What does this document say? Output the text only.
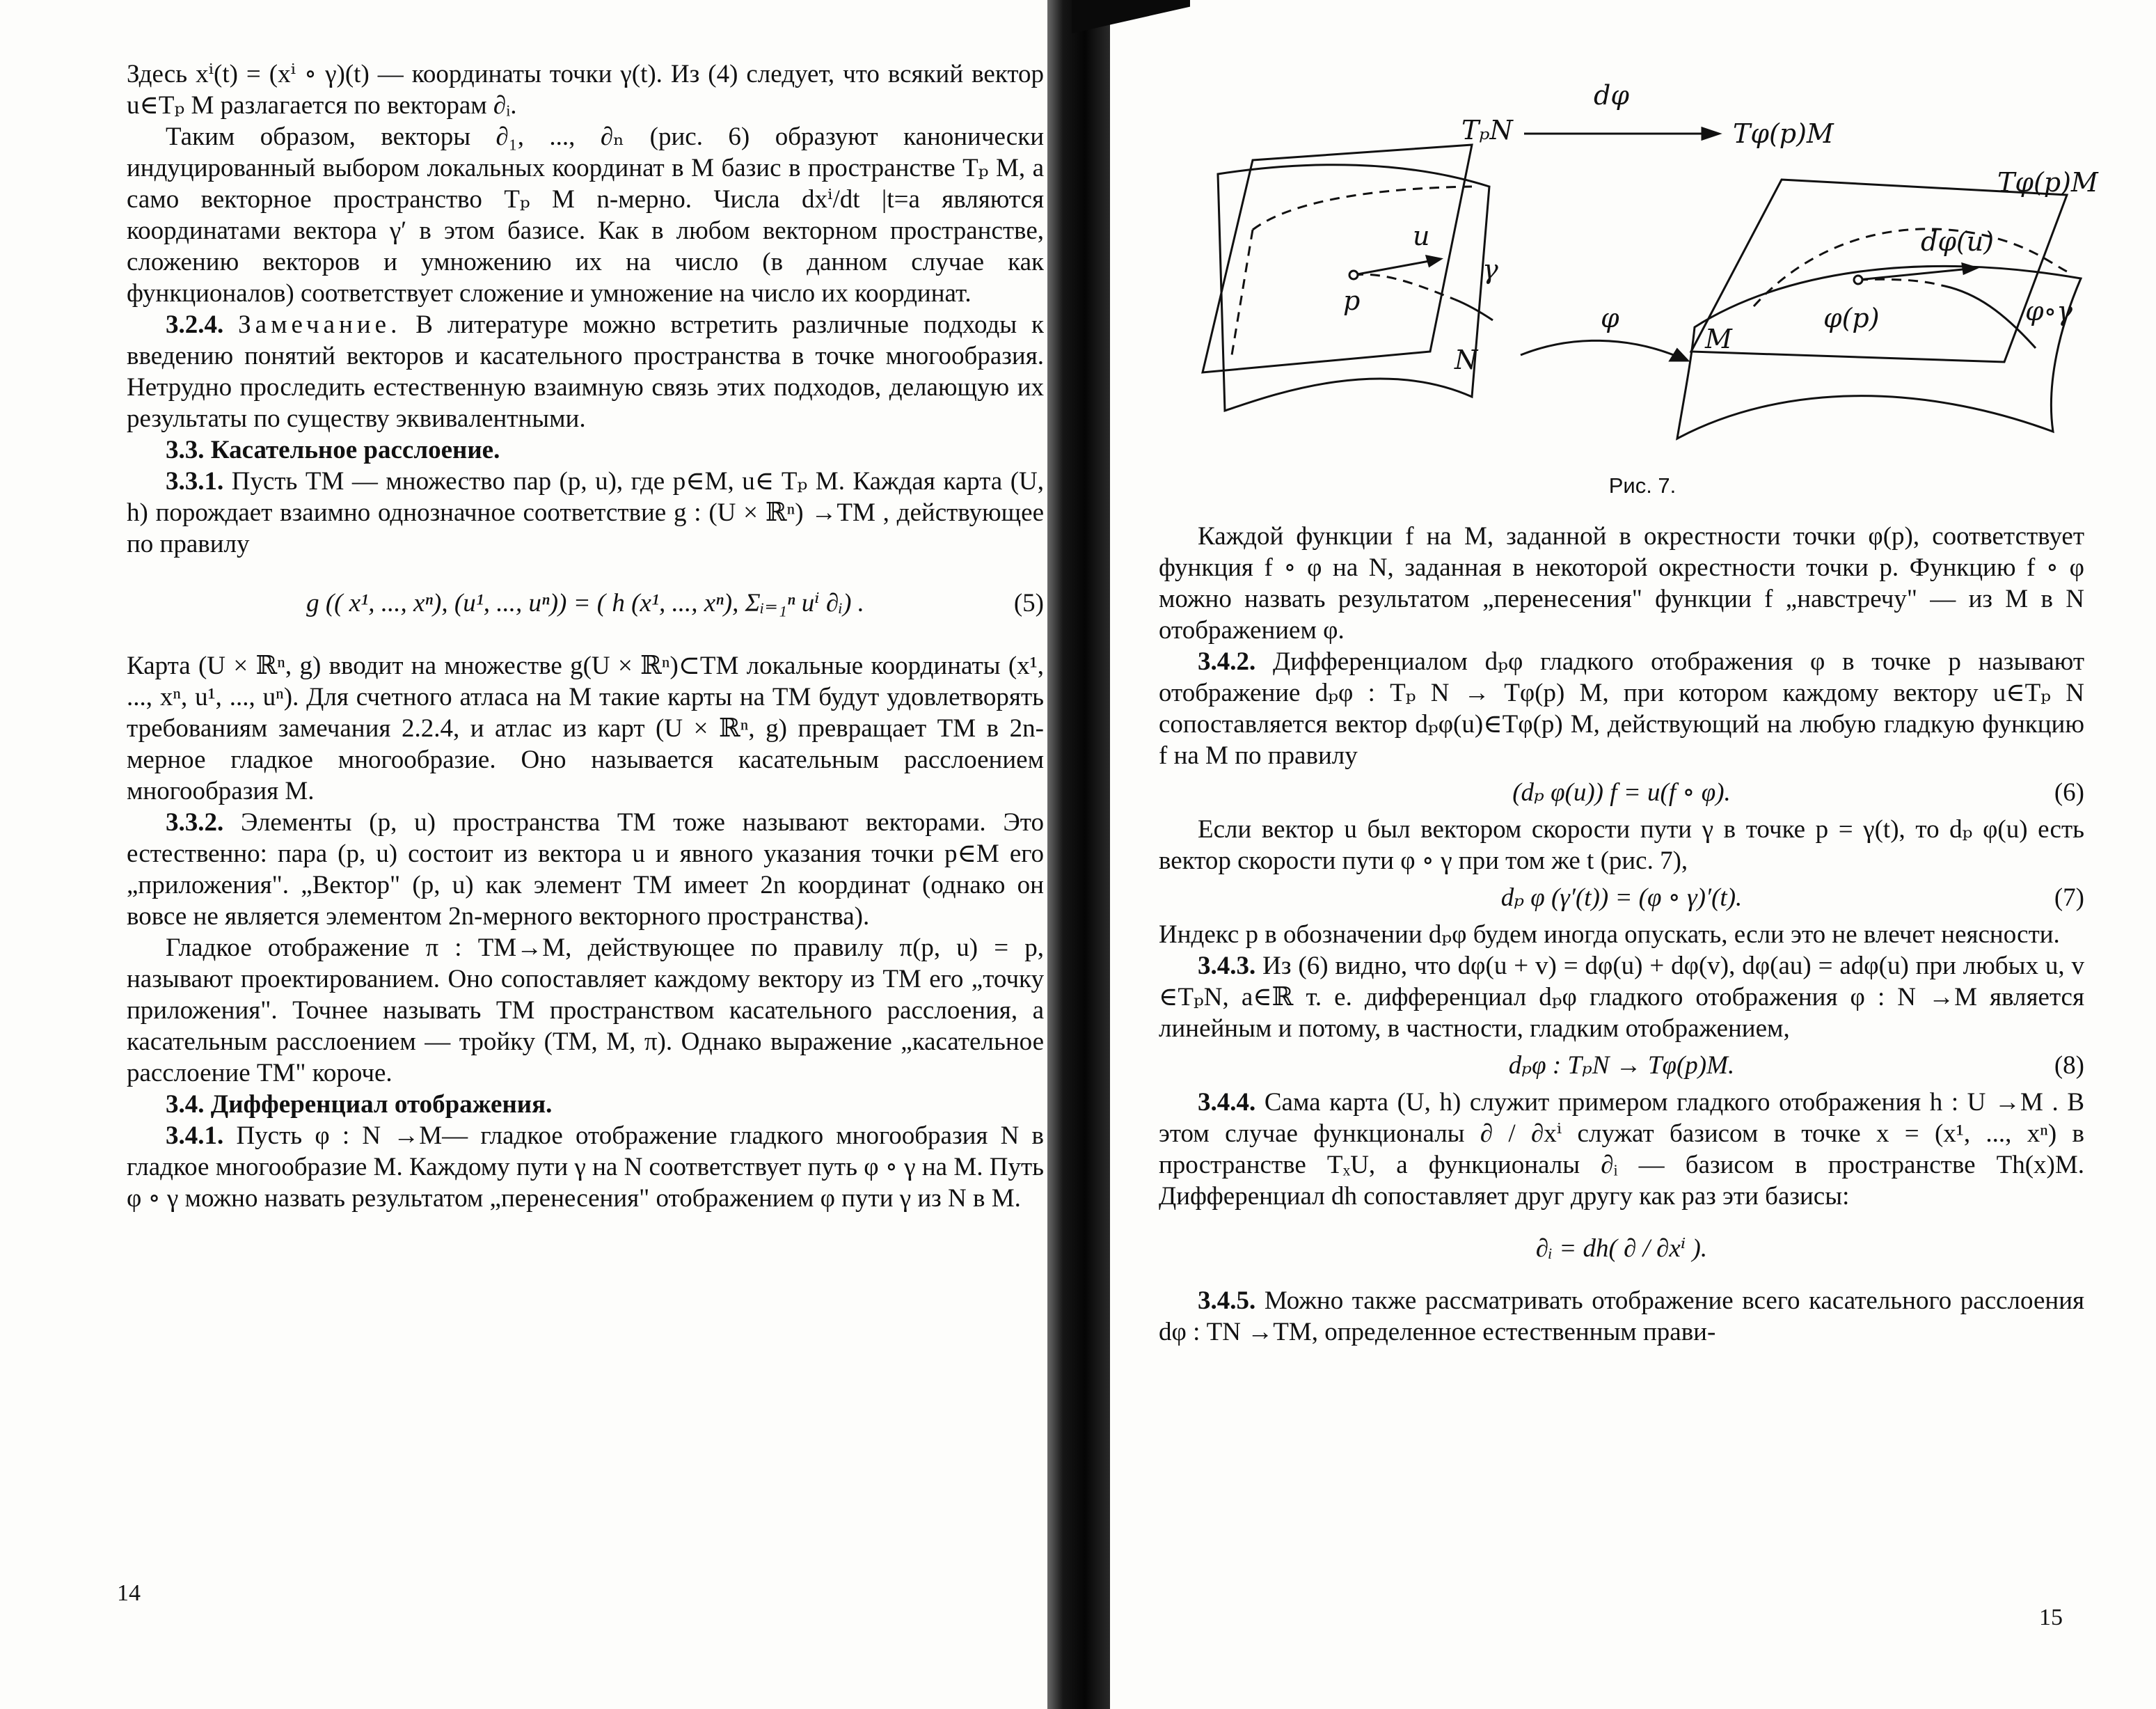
Здесь xⁱ(t) = (xⁱ ∘ γ)(t) — координаты точки γ(t). Из (4) следует, что всякий вектор u∈Tₚ M разлагается по векторам ∂ᵢ.

Таким образом, векторы ∂₁, ..., ∂ₙ (рис. 6) образуют канонически индуцированный выбором локальных координат в M базис в пространстве Tₚ M, а само векторное пространство Tₚ M n-мерно. Числа dxⁱ/dt |t=a являются координатами вектора γ′ в этом базисе. Как в любом векторном пространстве, сложению векторов и умножению их на число (в данном случае как функционалов) соответствует сложение и умножение на число их координат.

3.2.4. Замечание. В литературе можно встретить различные подходы к введению понятий векторов и касательного пространства в точке многообразия. Нетрудно проследить естественную взаимную связь этих подходов, делающую их результаты по существу эквивалентными.

3.3. Касательное расслоение.

3.3.1. Пусть TM — множество пар (p, u), где p∈M, u∈ Tₚ M. Каждая карта (U, h) порождает взаимно однозначное соответствие g : (U × ℝⁿ) →TM , действующее по правилу

g (( x¹, ..., xⁿ), (u¹, ..., uⁿ)) = ( h (x¹, ..., xⁿ), Σᵢ₌₁ⁿ uⁱ ∂ᵢ) .	(5)

Карта (U × ℝⁿ, g) вводит на множестве g(U × ℝⁿ)⊂TM локальные координаты (x¹, ..., xⁿ, u¹, ..., uⁿ). Для счетного атласа на M такие карты на TM будут удовлетворять требованиям замечания 2.2.4, и атлас из карт (U × ℝⁿ, g) превращает TM в 2n-мерное гладкое многообразие. Оно называется касательным расслоением многообразия M.

3.3.2. Элементы (p, u) пространства TM тоже называют векторами. Это естественно: пара (p, u) состоит из вектора u и явного указания точки p∈M его „приложения". „Вектор" (p, u) как элемент TM имеет 2n координат (однако он вовсе не является элементом 2n-мерного векторного пространства).

Гладкое отображение π : TM→M, действующее по правилу π(p, u) = p, называют проектированием. Оно сопоставляет каждому вектору из TM его „точку приложения". Точнее называть TM пространством касательного расслоения, а касательным расслоением — тройку (TM, M, π). Однако выражение „касательное расслоение TM" короче.

3.4. Дифференциал отображения.

3.4.1. Пусть φ : N →M— гладкое отображение гладкого многообразия N в гладкое многообразие M. Каждому пути γ на N соответствует путь φ ∘ γ на M. Путь φ ∘ γ можно назвать результатом „перенесения" отображением φ пути γ из N в M.

14
dφ
TₚN	Tφ(p)M
Tφ(p)M
u
p
γ
N
φ
dφ(u)
φ(p)	φ∘γ
M
Рис. 7.

Каждой функции f на M, заданной в окрестности точки φ(p), соответствует функция f ∘ φ на N, заданная в некоторой окрестности точки p. Функцию f ∘ φ можно назвать результатом „перенесения" функции f „навстречу" — из M в N отображением φ.

3.4.2. Дифференциалом dₚφ гладкого отображения φ в точке p называют отображение dₚφ : Tₚ N → Tφ(p) M, при котором каждому вектору u∈Tₚ N сопоставляется вектор dₚφ(u)∈Tφ(p) M, действующий на любую гладкую функцию f на M по правилу

(dₚ φ(u)) f = u(f ∘ φ).	(6)

Если вектор u был вектором скорости пути γ в точке p = γ(t), то dₚ φ(u) есть вектор скорости пути φ ∘ γ при том же t (рис. 7),

dₚ φ (γ′(t)) = (φ ∘ γ)′(t).	(7)

Индекс p в обозначении dₚφ будем иногда опускать, если это не влечет неясности.

3.4.3. Из (6) видно, что dφ(u + v) = dφ(u) + dφ(v), dφ(au) = adφ(u) при любых u, v ∈TₚN, a∈ℝ т. е. дифференциал dₚφ гладкого отображения φ : N →M является линейным и потому, в частности, гладким отображением,

dₚφ : TₚN → Tφ(p)M.	(8)

3.4.4. Сама карта (U, h) служит примером гладкого отображения h : U →M . В этом случае функционалы ∂ / ∂xⁱ служат базисом в точке x = (x¹, ..., xⁿ) в пространстве TₓU, а функционалы ∂ᵢ — базисом в пространстве Th(x)M. Дифференциал dh сопоставляет друг другу как раз эти базисы:

∂ᵢ = dh( ∂ / ∂xⁱ ).

3.4.5. Можно также рассматривать отображение всего касательного расслоения dφ : TN →TM, определенное естественным прави-

15
